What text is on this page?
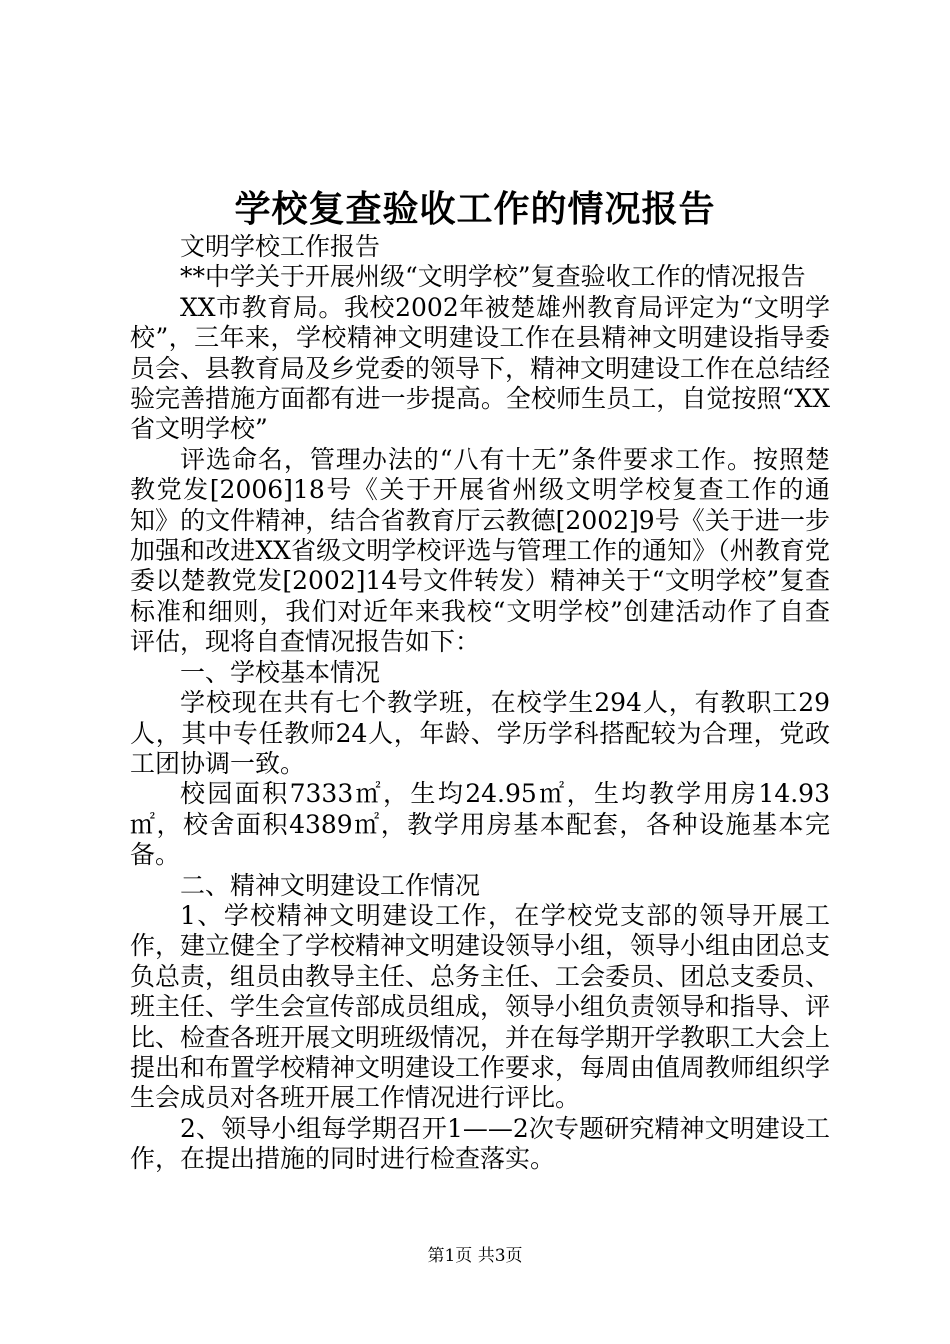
学校复查验收工作的情况报告

文明学校工作报告

**中学关于开展州级“文明学校”复查验收工作的情况报告

XX市教育局。我校2002年被楚雄州教育局评定为“文明学校”，三年来，学校精神文明建设工作在县精神文明建设指导委员会、县教育局及乡党委的领导下，精神文明建设工作在总结经验完善措施方面都有进一步提高。全校师生员工，自觉按照“XX省文明学校”

评选命名，管理办法的“八有十无”条件要求工作。按照楚教党发[2006]18号《关于开展省州级文明学校复查工作的通知》的文件精神，结合省教育厅云教德[2002]9号《关于进一步加强和改进XX省级文明学校评选与管理工作的通知》（州教育党委以楚教党发[2002]14号文件转发）精神关于“文明学校”复查标准和细则，我们对近年来我校“文明学校”创建活动作了自查评估，现将自查情况报告如下：

一、学校基本情况

学校现在共有七个教学班，在校学生294人，有教职工29人，其中专任教师24人，年龄、学历学科搭配较为合理，党政工团协调一致。

校园面积7333㎡，生均24.95㎡，生均教学用房14.93㎡，校舍面积4389㎡，教学用房基本配套，各种设施基本完备。

二、精神文明建设工作情况

1、学校精神文明建设工作，在学校党支部的领导开展工作，建立健全了学校精神文明建设领导小组，领导小组由团总支负总责，组员由教导主任、总务主任、工会委员、团总支委员、班主任、学生会宣传部成员组成，领导小组负责领导和指导、评比、检查各班开展文明班级情况，并在每学期开学教职工大会上提出和布置学校精神文明建设工作要求，每周由值周教师组织学生会成员对各班开展工作情况进行评比。

2、领导小组每学期召开1——2次专题研究精神文明建设工作，在提出措施的同时进行检查落实。

第1页 共3页
